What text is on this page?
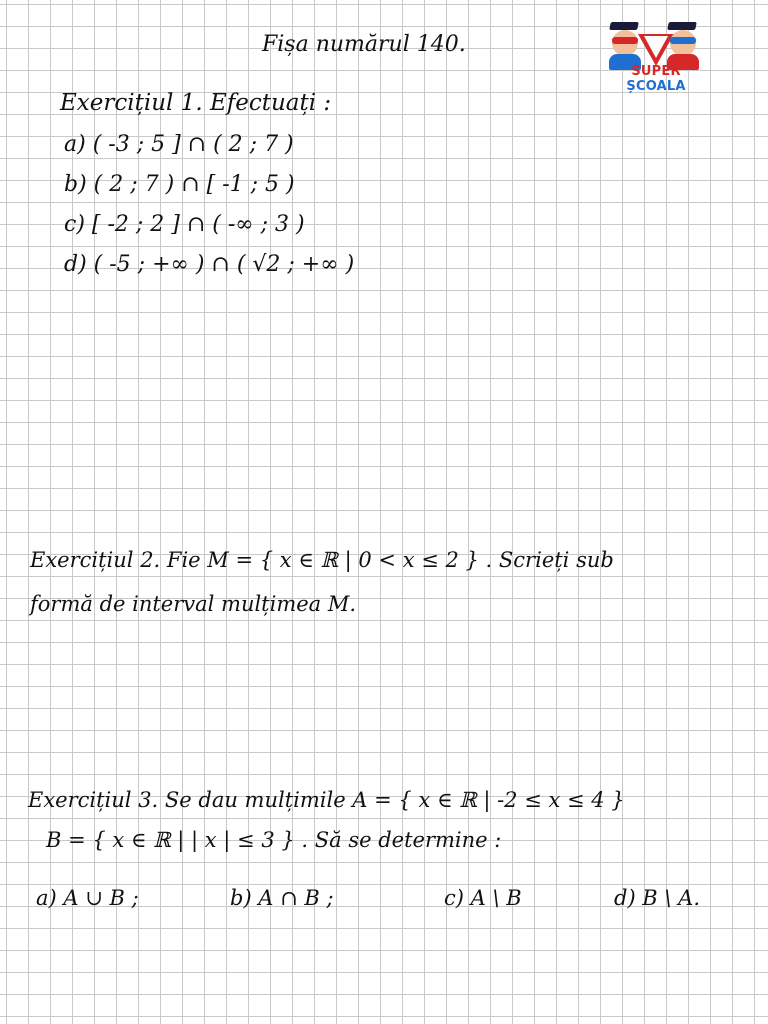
Fișa numărul 140.
SUPER ȘCOALA
Exercițiul 1. Efectuați :
a) ( -3 ; 5 ] ∩ ( 2 ; 7 )
b) ( 2 ; 7 ) ∩ [ -1 ; 5 )
c) [ -2 ; 2 ] ∩ ( -∞ ; 3 )
d) ( -5 ; +∞ ) ∩ ( √2 ; +∞ )
Exercițiul 2. Fie M = { x ∈ ℝ | 0 < x ≤ 2 } . Scrieți sub
formă de interval mulțimea M.
Exercițiul 3. Se dau mulțimile A = { x ∈ ℝ | -2 ≤ x ≤ 4 }
B = { x ∈ ℝ | | x | ≤ 3 } . Să se determine :
a) A ∪ B ;	b) A ∩ B ;	c) A \ B	d) B \ A.
